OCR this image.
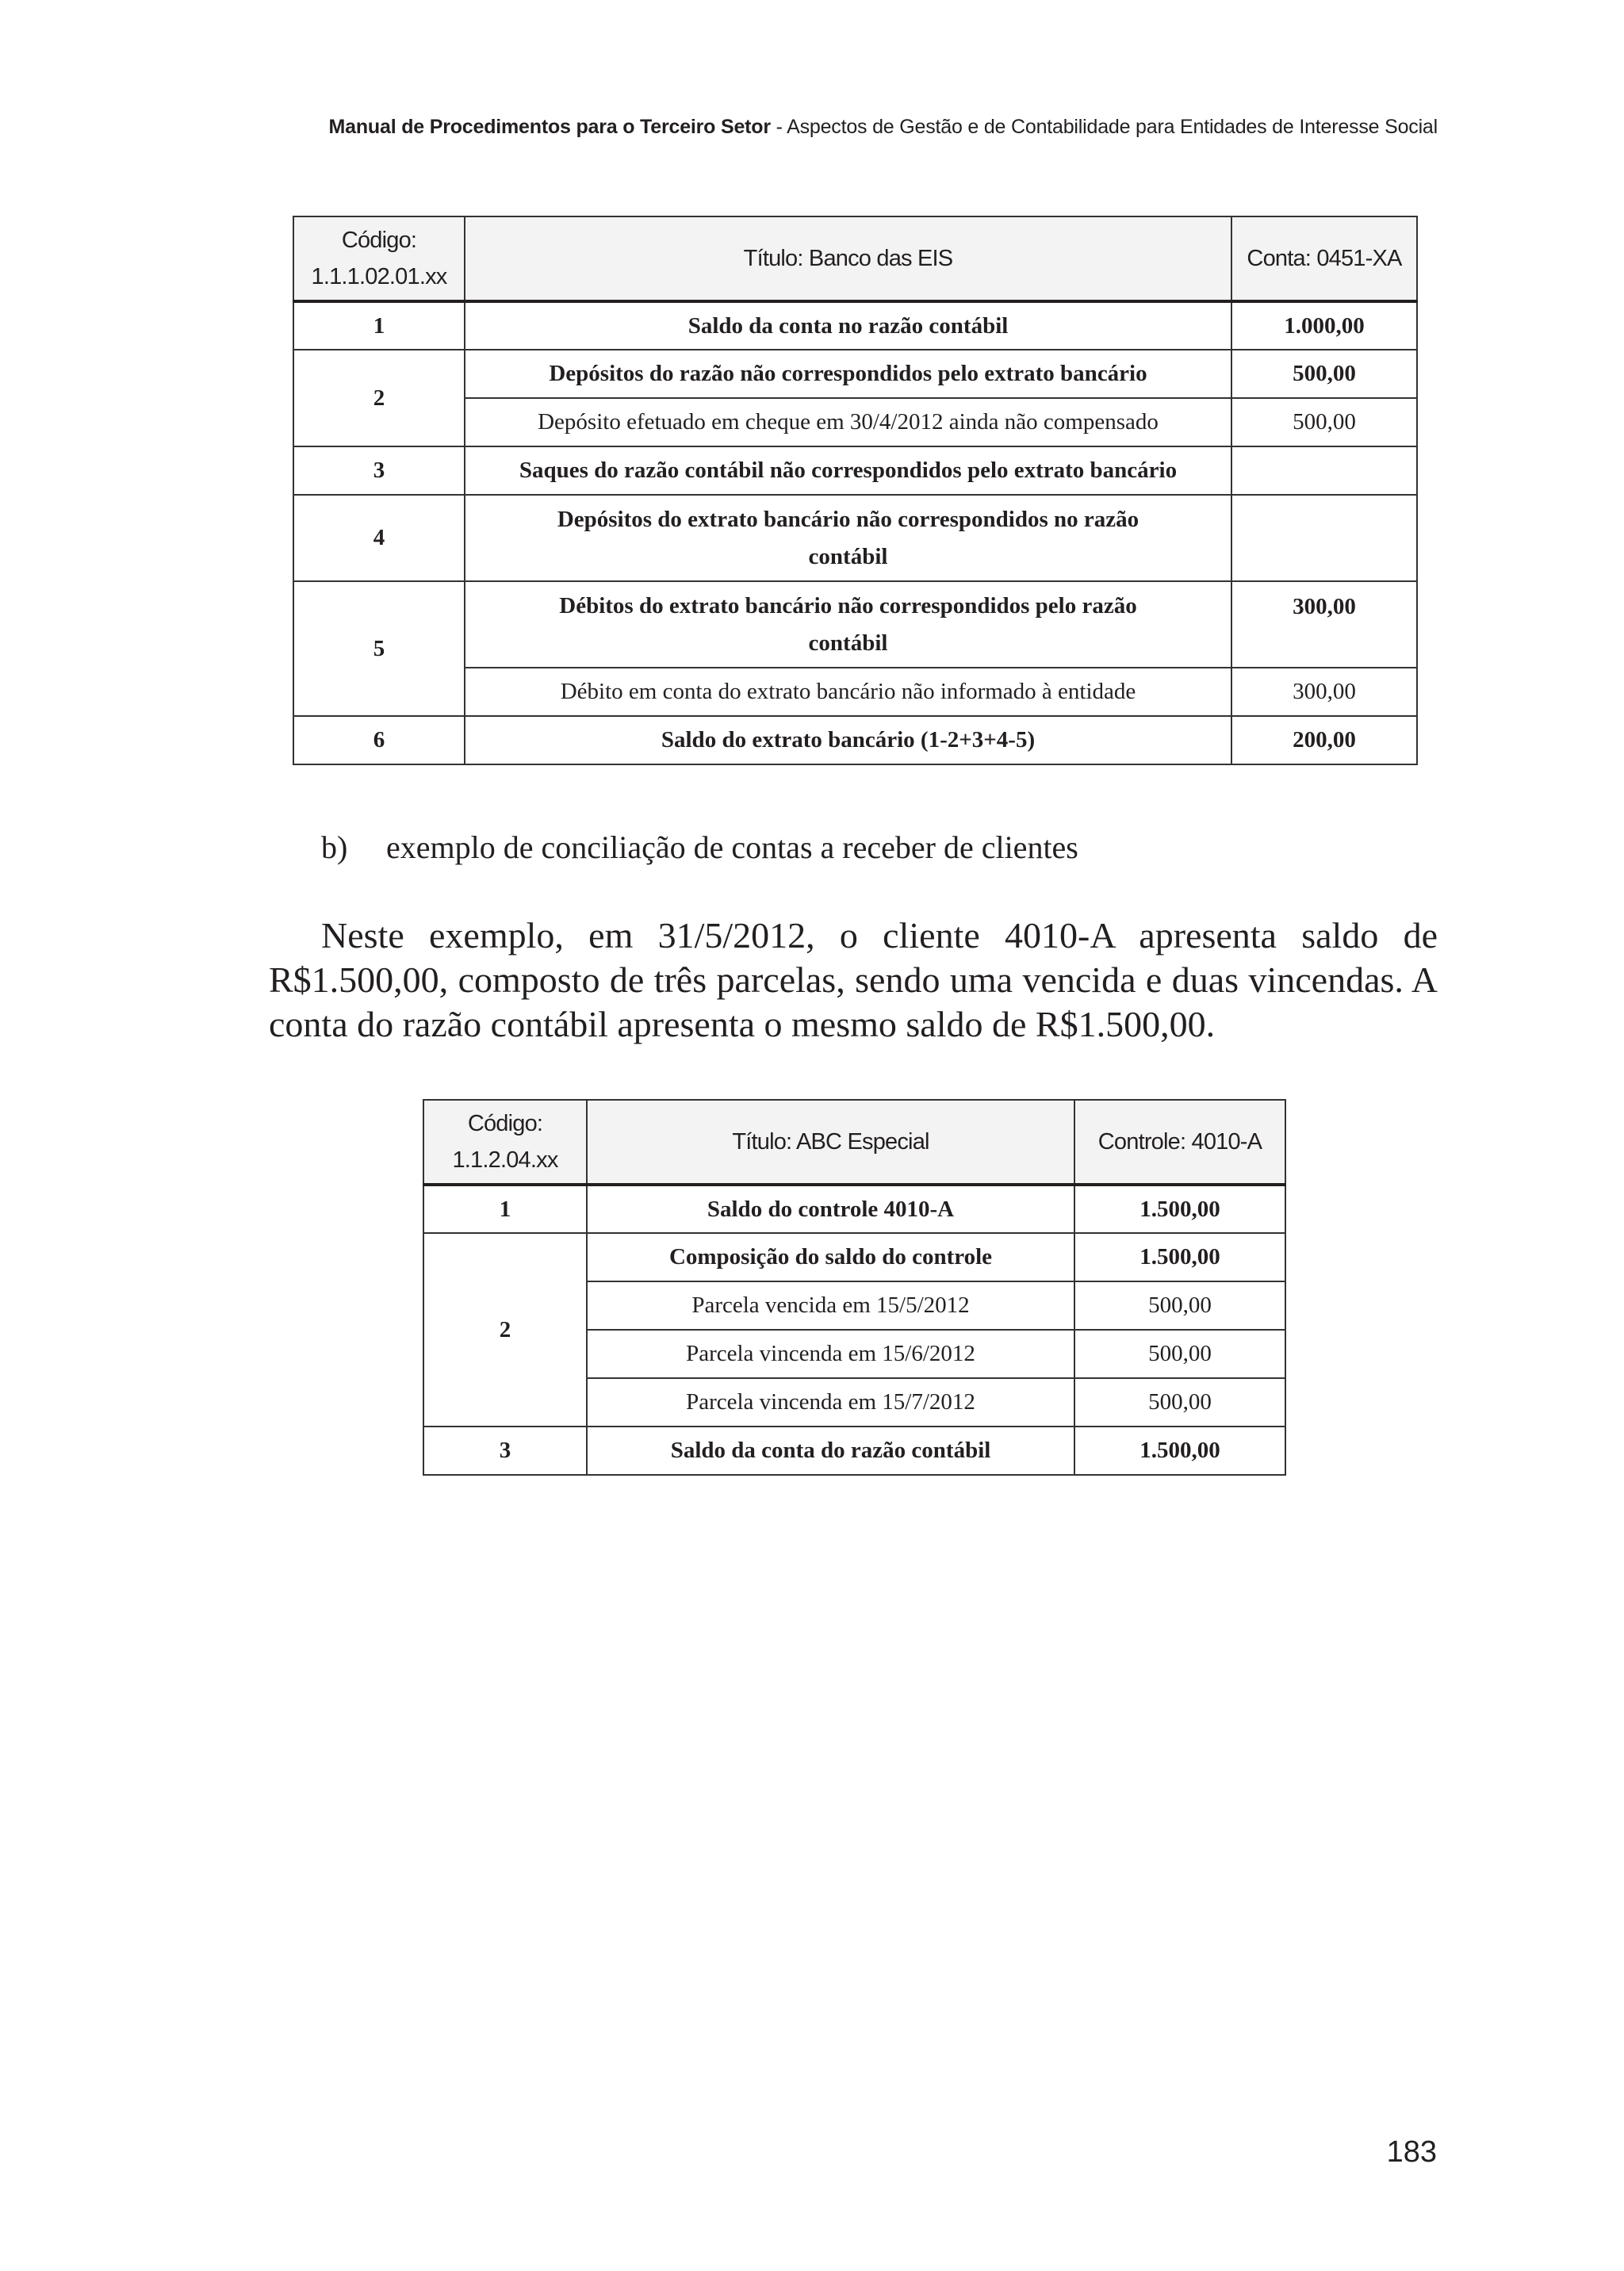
Manual de Procedimentos para o Terceiro Setor - Aspectos de Gestão e de Contabilidade para Entidades de Interesse Social
Código:
1.1.1.02.01.xx	Título: Banco das EIS	Conta: 0451-XA
1	Saldo da conta no razão contábil	1.000,00
2	Depósitos do razão não correspondidos pelo extrato bancário	500,00
	Depósito efetuado em cheque em 30/4/2012 ainda não compensado	500,00
3	Saques do razão contábil não correspondidos pelo extrato bancário	
4	Depósitos do extrato bancário não correspondidos no razão
contábil	
5	Débitos do extrato bancário não correspondidos pelo razão
contábil	300,00
	Débito em conta do extrato bancário não informado à entidade	300,00
6	Saldo do extrato bancário (1-2+3+4-5)	200,00
b) exemplo de conciliação de contas a receber de clientes

Neste exemplo, em 31/5/2012, o cliente 4010-A apresenta saldo de R$1.500,00, composto de três parcelas, sendo uma vencida e duas vincendas. A conta do razão contábil apresenta o mesmo saldo de R$1.500,00.

Código:
1.1.2.04.xx	Título: ABC Especial	Controle: 4010-A
1	Saldo do controle 4010-A	1.500,00
2	Composição do saldo do controle	1.500,00
	Parcela vencida em 15/5/2012	500,00
	Parcela vincenda em 15/6/2012	500,00
	Parcela vincenda em 15/7/2012	500,00
3	Saldo da conta do razão contábil	1.500,00
183
